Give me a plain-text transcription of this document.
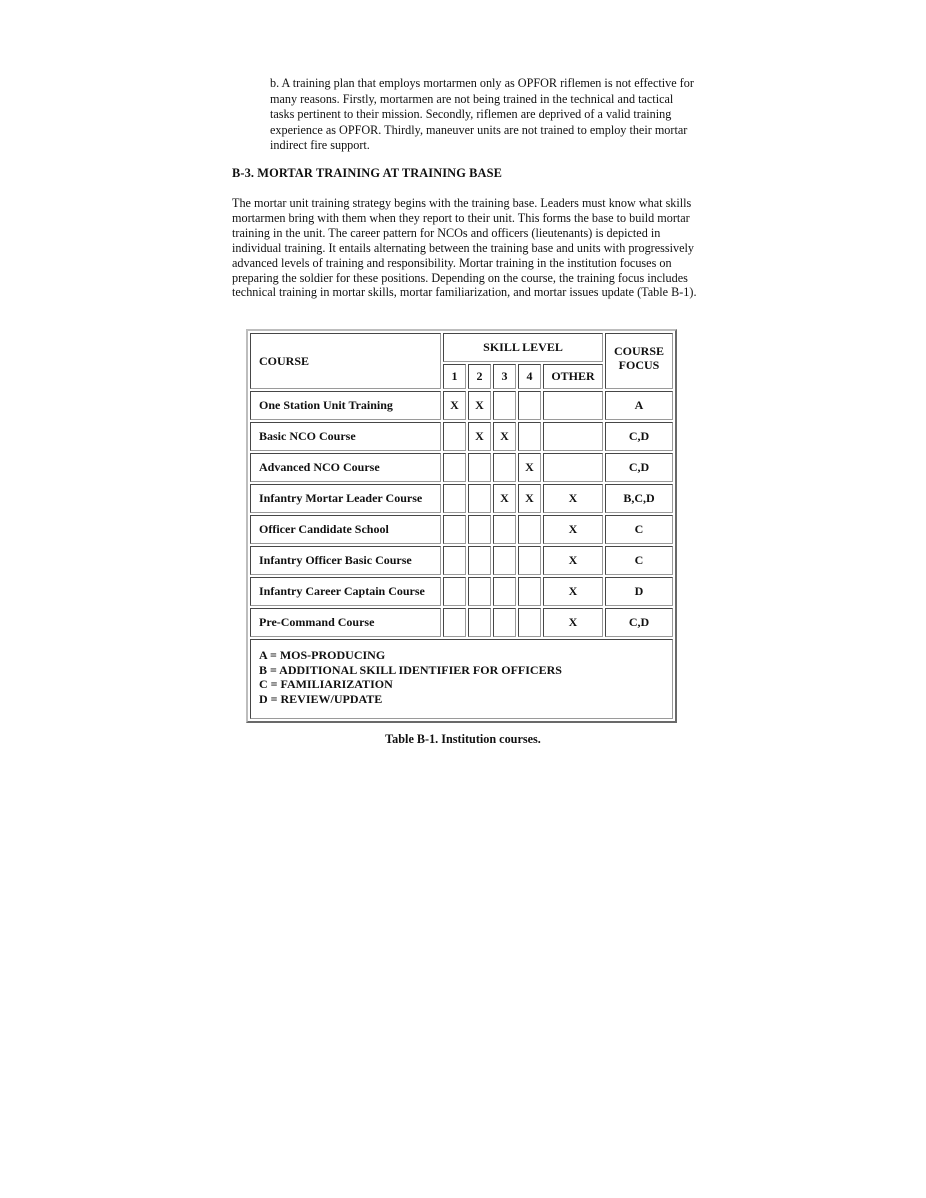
b. A training plan that employs mortarmen only as OPFOR riflemen is not effective for many reasons. Firstly, mortarmen are not being trained in the technical and tactical tasks pertinent to their mission. Secondly, riflemen are deprived of a valid training experience as OPFOR. Thirdly, maneuver units are not trained to employ their mortar indirect fire support.
B-3. MORTAR TRAINING AT TRAINING BASE
The mortar unit training strategy begins with the training base. Leaders must know what skills mortarmen bring with them when they report to their unit. This forms the base to build mortar training in the unit. The career pattern for NCOs and officers (lieutenants) is depicted in individual training. It entails alternating between the training base and units with progressively advanced levels of training and responsibility. Mortar training in the institution focuses on preparing the soldier for these positions. Depending on the course, the training focus includes technical training in mortar skills, mortar familiarization, and mortar issues update (Table B-1).
COURSE	SKILL LEVEL					COURSE FOCUS
	1	2	3	4	OTHER	
One Station Unit Training	X	X				A
Basic NCO Course		X	X			C,D
Advanced NCO Course				X		C,D
Infantry Mortar Leader Course			X	X	X	B,C,D
Officer Candidate School					X	C
Infantry Officer Basic Course					X	C
Infantry Career Captain Course					X	D
Pre-Command Course					X	C,D

A = MOS-PRODUCING
B = ADDITIONAL SKILL IDENTIFIER FOR OFFICERS
C = FAMILIARIZATION
D = REVIEW/UPDATE						
Table B-1. Institution courses.
